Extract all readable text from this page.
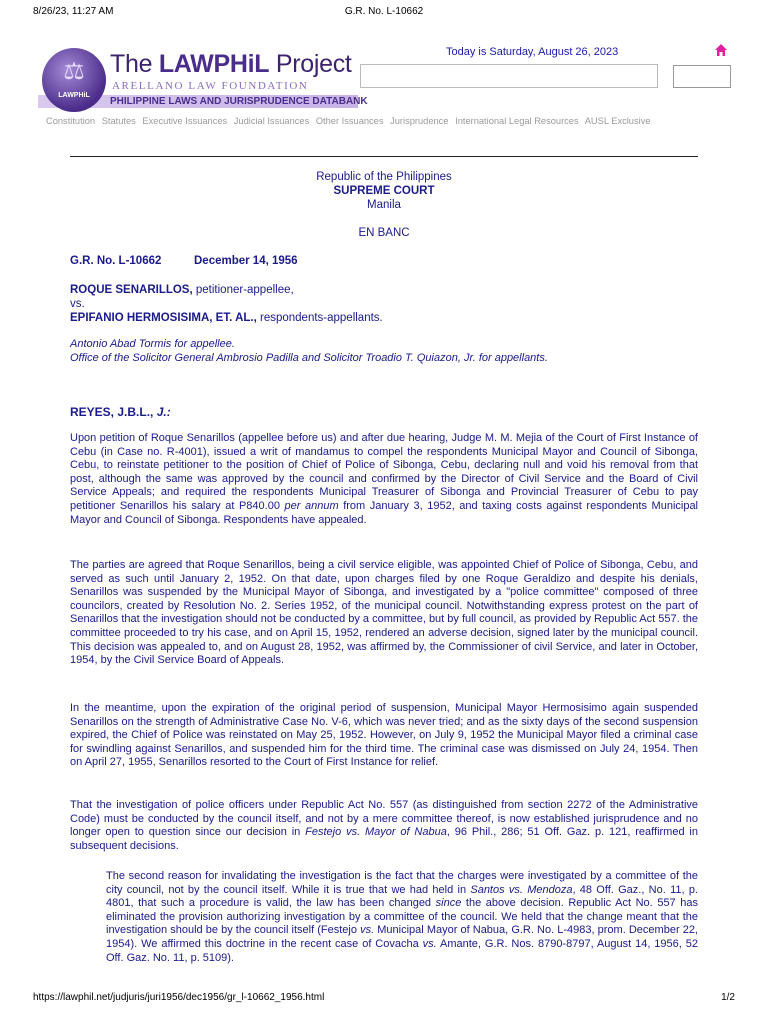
8/26/23, 11:27 AM	G.R. No. L-10662
PHILIPPINE LAWS AND JURISPRUDENCE DATABANK
⚖
LAWPHiL
The LAWPHiL Project
ARELLANO LAW FOUNDATION
Today is Saturday, August 26, 2023
Constitution Statutes Executive Issuances Judicial Issuances Other Issuances Jurisprudence International Legal Resources AUSL Exclusive
Republic of the Philippines
SUPREME COURT
Manila
EN BANC
G.R. No. L-10662	December 14, 1956
ROQUE SENARILLOS, petitioner-appellee,
vs.
EPIFANIO HERMOSISIMA, ET. AL., respondents-appellants.
Antonio Abad Tormis for appellee.
Office of the Solicitor General Ambrosio Padilla and Solicitor Troadio T. Quiazon, Jr. for appellants.
REYES, J.B.L., J.:
Upon petition of Roque Senarillos (appellee before us) and after due hearing, Judge M. M. Mejia of the Court of First Instance of Cebu (in Case no. R-4001), issued a writ of mandamus to compel the respondents Municipal Mayor and Council of Sibonga, Cebu, to reinstate petitioner to the position of Chief of Police of Sibonga, Cebu, declaring null and void his removal from that post, although the same was approved by the council and confirmed by the Director of Civil Service and the Board of Civil Service Appeals; and required the respondents Municipal Treasurer of Sibonga and Provincial Treasurer of Cebu to pay petitioner Senarillos his salary at P840.00 per annum from January 3, 1952, and taxing costs against respondents Municipal Mayor and Council of Sibonga. Respondents have appealed.
The parties are agreed that Roque Senarillos, being a civil service eligible, was appointed Chief of Police of Sibonga, Cebu, and served as such until January 2, 1952. On that date, upon charges filed by one Roque Geraldizo and despite his denials, Senarillos was suspended by the Municipal Mayor of Sibonga, and investigated by a "police committee" composed of three councilors, created by Resolution No. 2. Series 1952, of the municipal council. Notwithstanding express protest on the part of Senarillos that the investigation should not be conducted by a committee, but by full council, as provided by Republic Act 557. the committee proceeded to try his case, and on April 15, 1952, rendered an adverse decision, signed later by the municipal council. This decision was appealed to, and on August 28, 1952, was affirmed by, the Commissioner of civil Service, and later in October, 1954, by the Civil Service Board of Appeals.
In the meantime, upon the expiration of the original period of suspension, Municipal Mayor Hermosisimo again suspended Senarillos on the strength of Administrative Case No. V-6, which was never tried; and as the sixty days of the second suspension expired, the Chief of Police was reinstated on May 25, 1952. However, on July 9, 1952 the Municipal Mayor filed a criminal case for swindling against Senarillos, and suspended him for the third time. The criminal case was dismissed on July 24, 1954. Then on April 27, 1955, Senarillos resorted to the Court of First Instance for relief.
That the investigation of police officers under Republic Act No. 557 (as distinguished from section 2272 of the Administrative Code) must be conducted by the council itself, and not by a mere committee thereof, is now established jurisprudence and no longer open to question since our decision in Festejo vs. Mayor of Nabua, 96 Phil., 286; 51 Off. Gaz. p. 121, reaffirmed in subsequent decisions.
The second reason for invalidating the investigation is the fact that the charges were investigated by a committee of the city council, not by the council itself. While it is true that we had held in Santos vs. Mendoza, 48 Off. Gaz., No. 11, p. 4801, that such a procedure is valid, the law has been changed since the above decision. Republic Act No. 557 has eliminated the provision authorizing investigation by a committee of the council. We held that the change meant that the investigation should be by the council itself (Festejo vs. Municipal Mayor of Nabua, G.R. No. L-4983, prom. December 22, 1954). We affirmed this doctrine in the recent case of Covacha vs. Amante, G.R. Nos. 8790-8797, August 14, 1956, 52 Off. Gaz. No. 11, p. 5109).
https://lawphil.net/judjuris/juri1956/dec1956/gr_l-10662_1956.html	1/2
